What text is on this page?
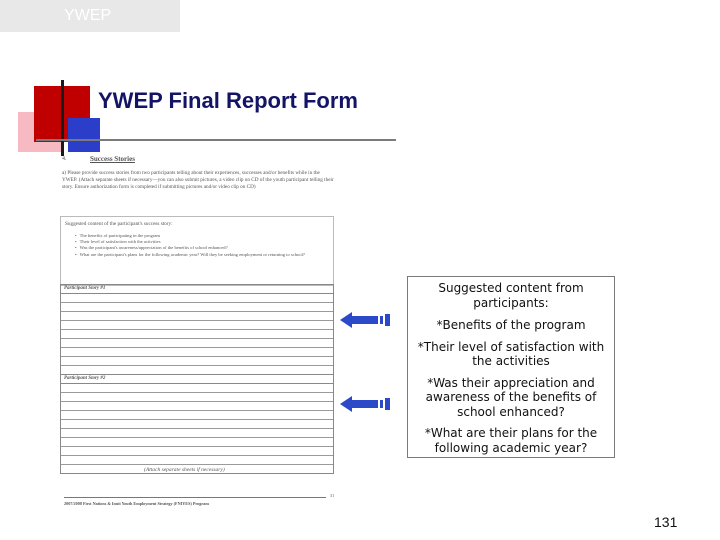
YWEP
YWEP Final Report Form
4.	Success Stories
a) Please provide success stories from two participants telling about their experiences, successes and/or benefits while in the YWEP. (Attach separate sheets if necessary—you can also submit pictures, a video clip on CD of the youth participant telling their story. Ensure authorization form is completed if submitting pictures and/or video clip on CD)
Suggested content of the participant's success story:
• The benefits of participating in the program
• Their level of satisfaction with the activities
• Was the participant's awareness/appreciation of the benefits of school enhanced?
• What are the participant's plans for the following academic year? Will they be seeking employment or returning to school?
Participant Story #1
Participant Story #2
(Attach separate sheets if necessary)
2007/2008 First Nations & Inuit Youth Employment Strategy (FNIYES) Program
31

Suggested content from participants:

*Benefits of the program

*Their level of satisfaction with the activities

*Was their appreciation and awareness of the benefits of school enhanced?

*What are their plans for the following academic year?

131
